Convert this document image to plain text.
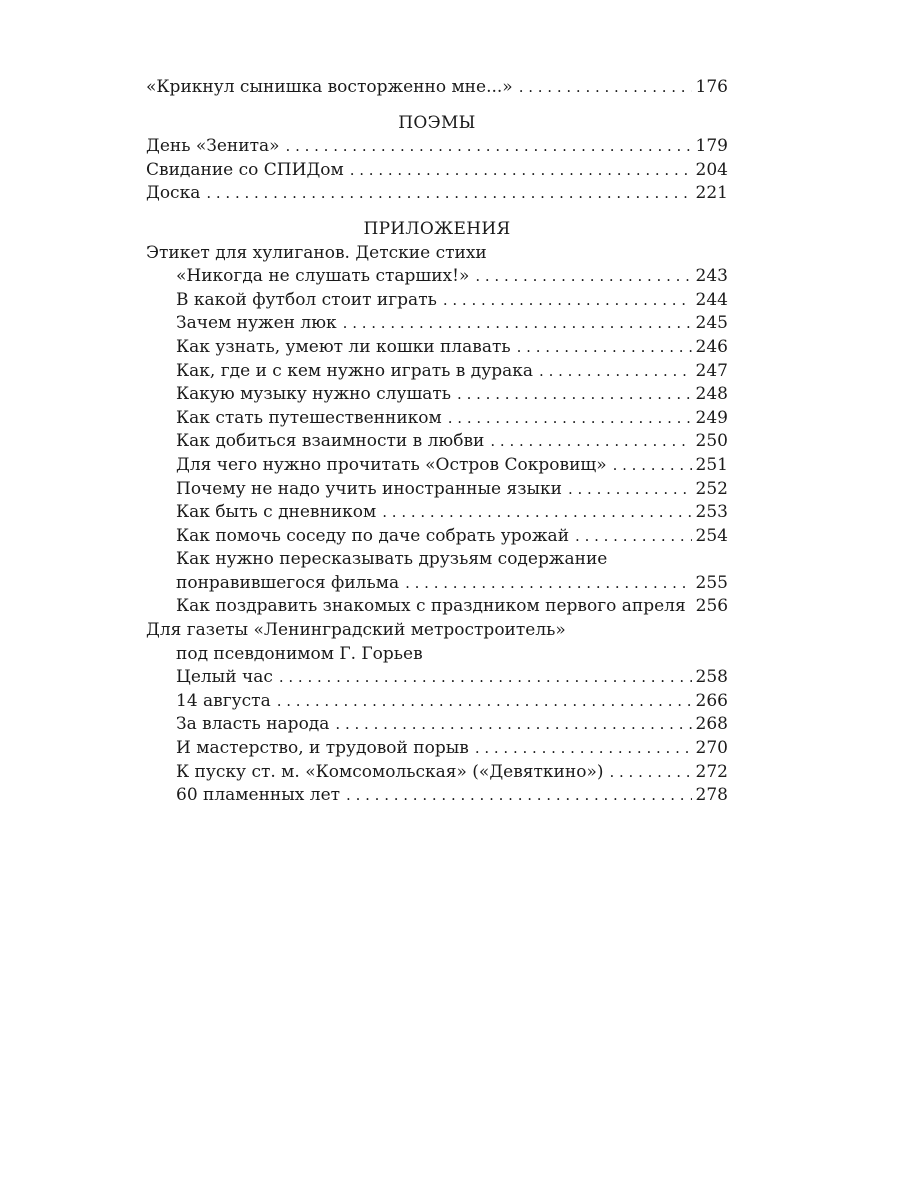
«Крикнул сынишка восторженно мне...» . . .	176
ПОЭМЫ
День «Зенита» . . .	179
Свидание со СПИДом . . .	204
Доска . . .	221
ПРИЛОЖЕНИЯ
Этикет для хулиганов. Детские стихи
«Никогда не слушать старших!» . . .	243
В какой футбол стоит играть . . .	244
Зачем нужен люк . . .	245
Как узнать, умеют ли кошки плавать . . .	246
Как, где и с кем нужно играть в дурака . . .	247
Какую музыку нужно слушать . . .	248
Как стать путешественником . . .	249
Как добиться взаимности в любви . . .	250
Для чего нужно прочитать «Остров Сокровищ» . . .	251
Почему не надо учить иностранные языки . . .	252
Как быть с дневником . . .	253
Как помочь соседу по даче собрать урожай . . .	254
Как нужно пересказывать друзьям содержание
понравившегося фильма . . .	255
Как поздравить знакомых с праздником первого апреля 256
Для газеты «Ленинградский метростроитель»
под псевдонимом Г. Горьев
Целый час . . .	258
14 августа . . .	266
За власть народа . . .	268
И мастерство, и трудовой порыв . . .	270
К пуску ст. м. «Комсомольская» («Девяткино») . . .	272
60 пламенных лет . . .	278
